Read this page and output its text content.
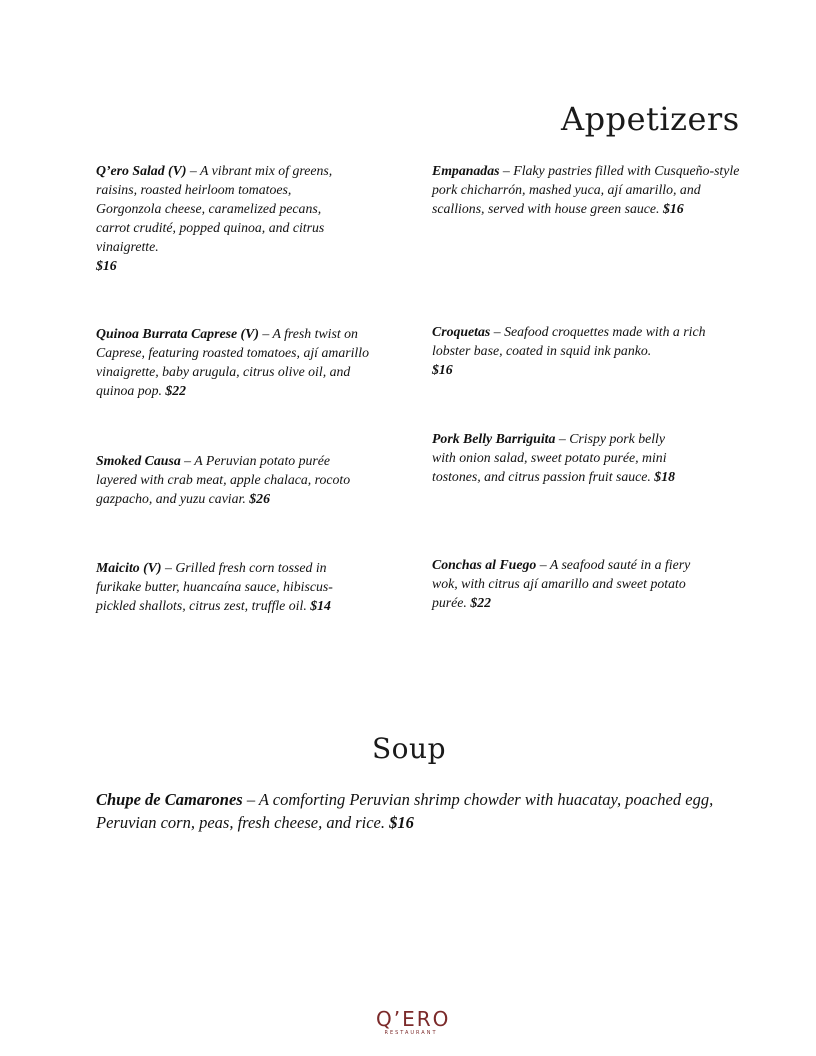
Appetizers
Q’ero Salad (V) – A vibrant mix of greens, raisins, roasted heirloom tomatoes, Gorgonzola cheese, caramelized pecans, carrot crudité, popped quinoa, and citrus vinaigrette.
$16
Empanadas – Flaky pastries filled with Cusqueño-style pork chicharrón, mashed yuca, ají amarillo, and scallions, served with house green sauce. $16
Quinoa Burrata Caprese (V) – A fresh twist on Caprese, featuring roasted tomatoes, ají amarillo vinaigrette, baby arugula, citrus olive oil, and quinoa pop. $22
Croquetas – Seafood croquettes made with a rich lobster base, coated in squid ink panko.
$16
Pork Belly Barriguita – Crispy pork belly with onion salad, sweet potato purée, mini tostones, and citrus passion fruit sauce. $18
Smoked Causa – A Peruvian potato purée layered with crab meat, apple chalaca, rocoto gazpacho, and yuzu caviar. $26
Maicito (V) – Grilled fresh corn tossed in furikake butter, huancaína sauce, hibiscus-pickled shallots, citrus zest, truffle oil. $14
Conchas al Fuego – A seafood sauté in a fiery wok, with citrus ají amarillo and sweet potato purée. $22
Soup
Chupe de Camarones – A comforting Peruvian shrimp chowder with huacatay, poached egg, Peruvian corn, peas, fresh cheese, and rice. $16
Q’ERO
RESTAURANT
